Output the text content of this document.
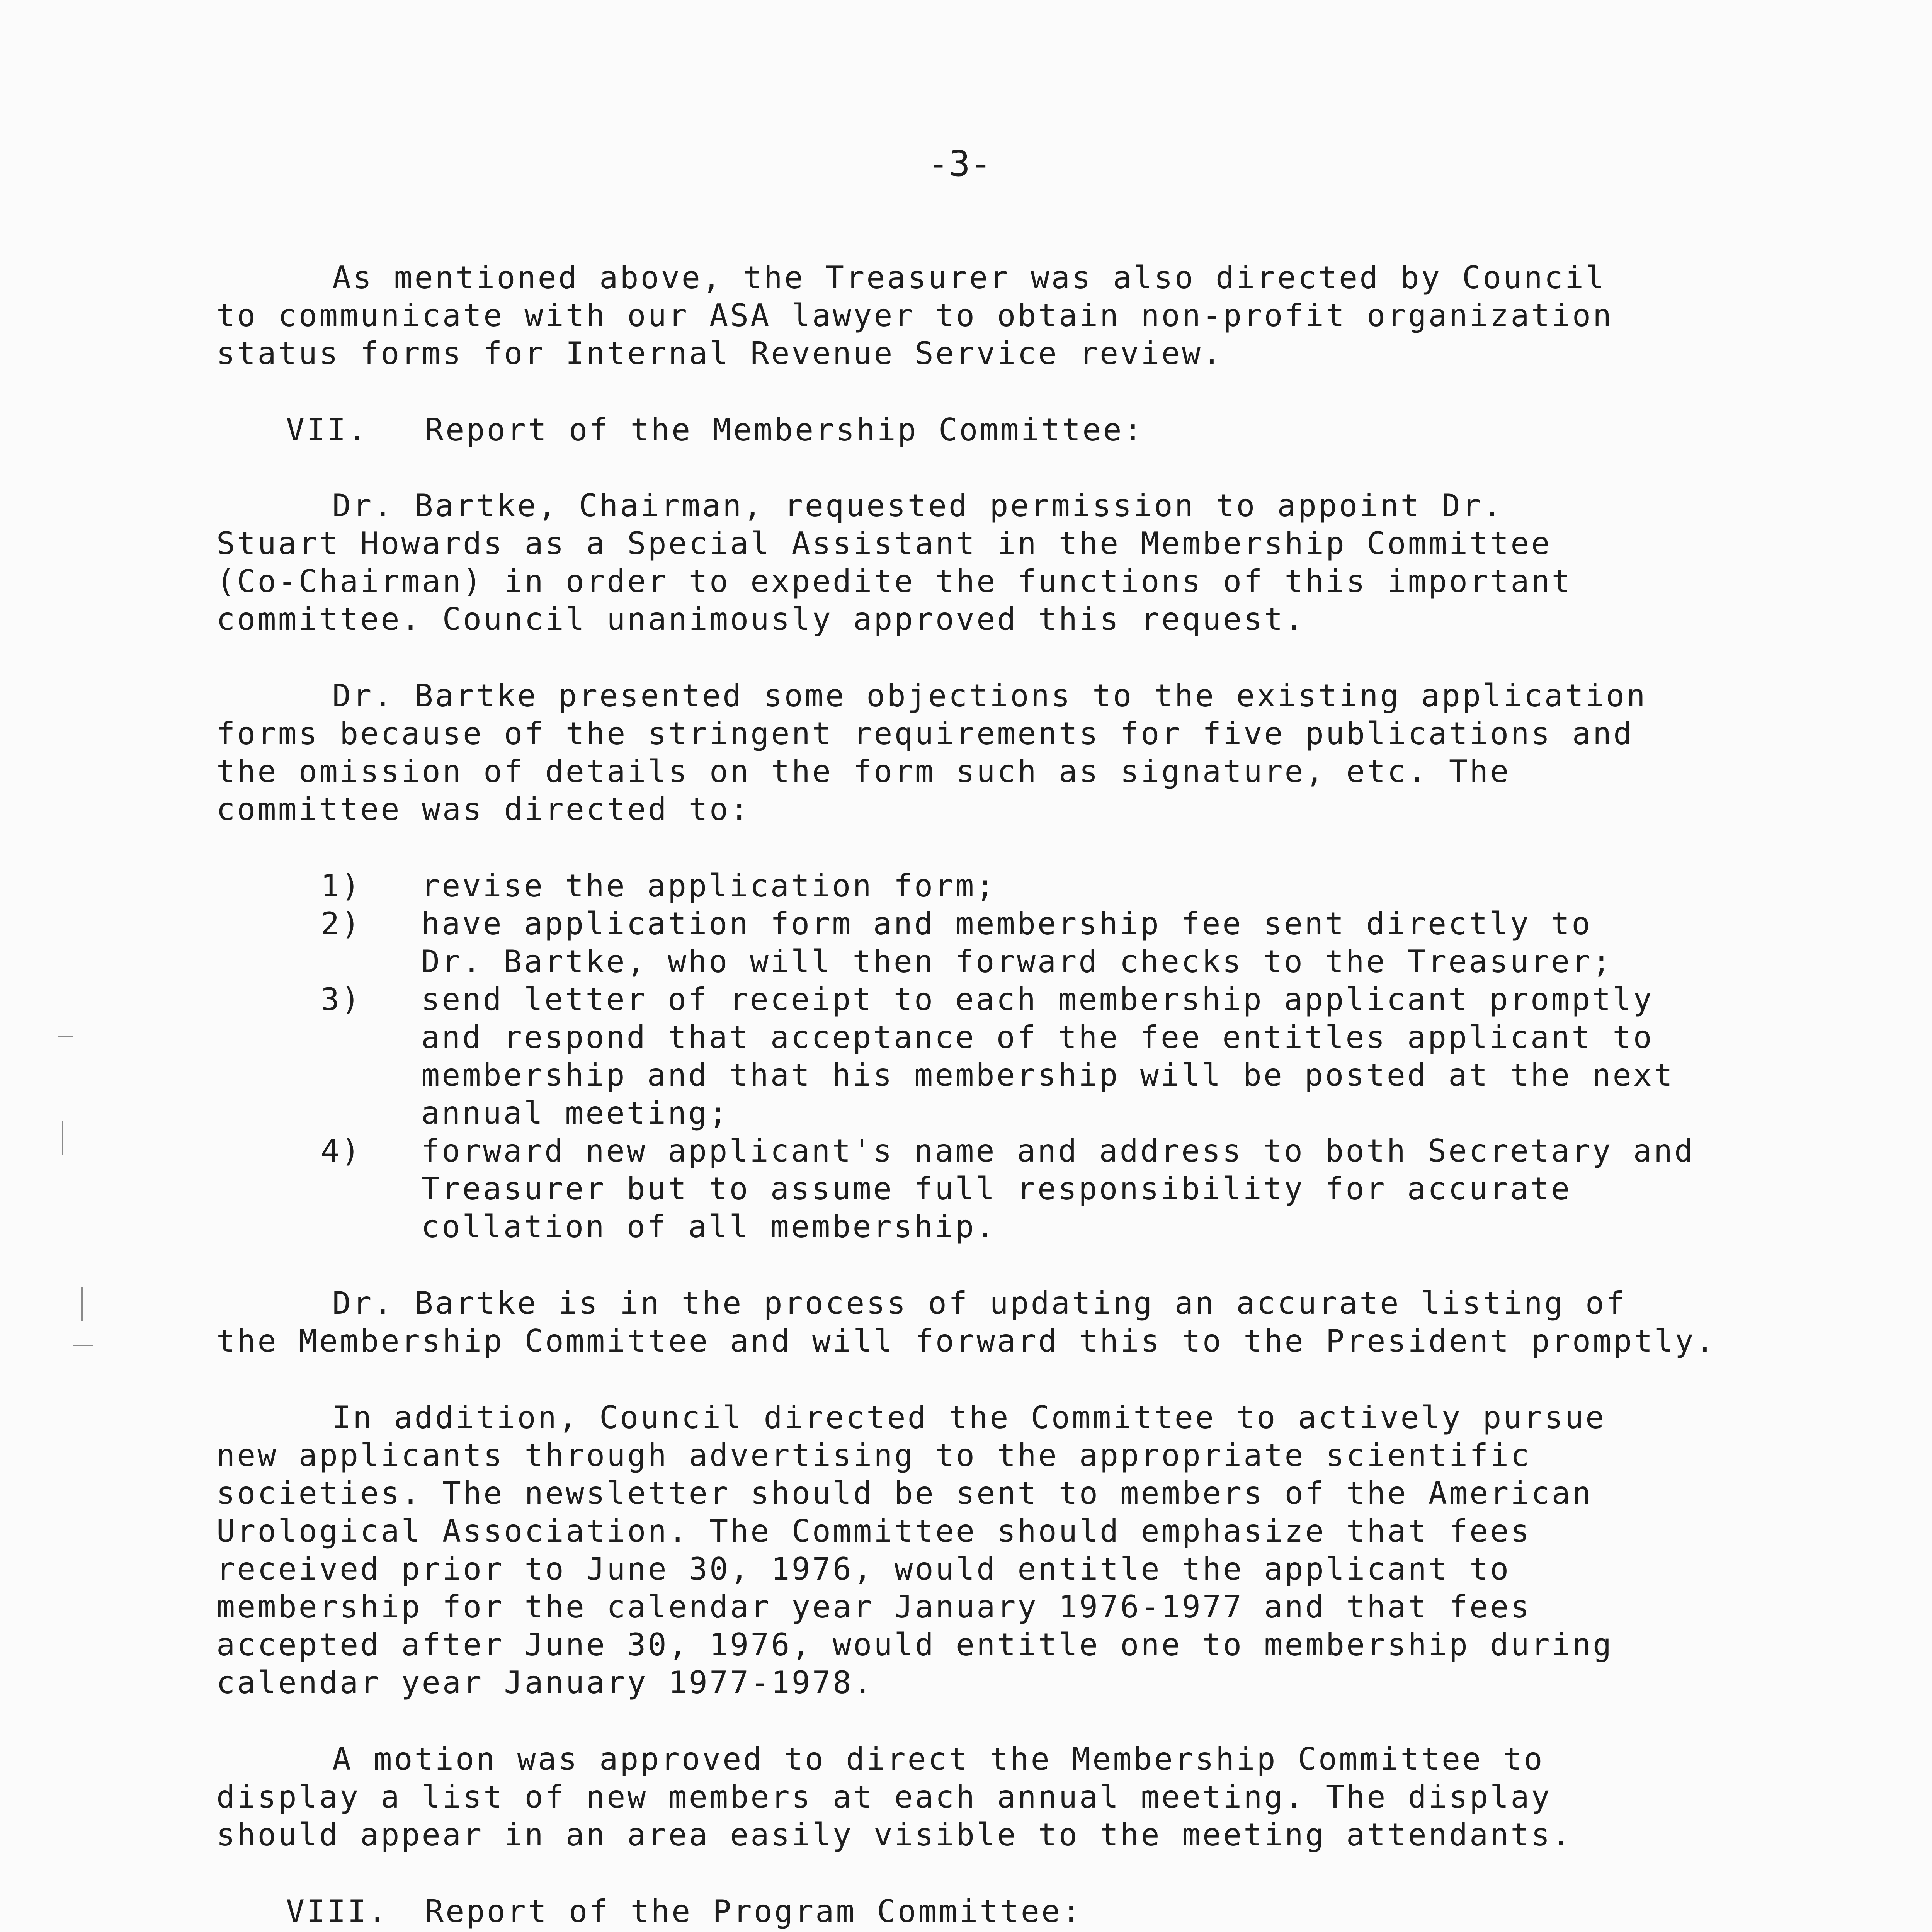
-3-

As mentioned above, the Treasurer was also directed by Council
to communicate with our ASA lawyer to obtain non-profit organization
status forms for Internal Revenue Service review.

VII.	Report of the Membership Committee:

Dr. Bartke, Chairman, requested permission to appoint Dr.
Stuart Howards as a Special Assistant in the Membership Committee
(Co-Chairman) in order to expedite the functions of this important
committee. Council unanimously approved this request.

Dr. Bartke presented some objections to the existing application
forms because of the stringent requirements for five publications and
the omission of details on the form such as signature, etc. The
committee was directed to:

1)	revise the application form;
2)	have application form and membership fee sent directly to
Dr. Bartke, who will then forward checks to the Treasurer;
3)	send letter of receipt to each membership applicant promptly
and respond that acceptance of the fee entitles applicant to
membership and that his membership will be posted at the next
annual meeting;
4)	forward new applicant's name and address to both Secretary and
Treasurer but to assume full responsibility for accurate
collation of all membership.

Dr. Bartke is in the process of updating an accurate listing of
the Membership Committee and will forward this to the President promptly.

In addition, Council directed the Committee to actively pursue
new applicants through advertising to the appropriate scientific
societies. The newsletter should be sent to members of the American
Urological Association. The Committee should emphasize that fees
received prior to June 30, 1976, would entitle the applicant to
membership for the calendar year January 1976-1977 and that fees
accepted after June 30, 1976, would entitle one to membership during
calendar year January 1977-1978.

A motion was approved to direct the Membership Committee to
display a list of new members at each annual meeting. The display
should appear in an area easily visible to the meeting attendants.

VIII.	Report of the Program Committee:
